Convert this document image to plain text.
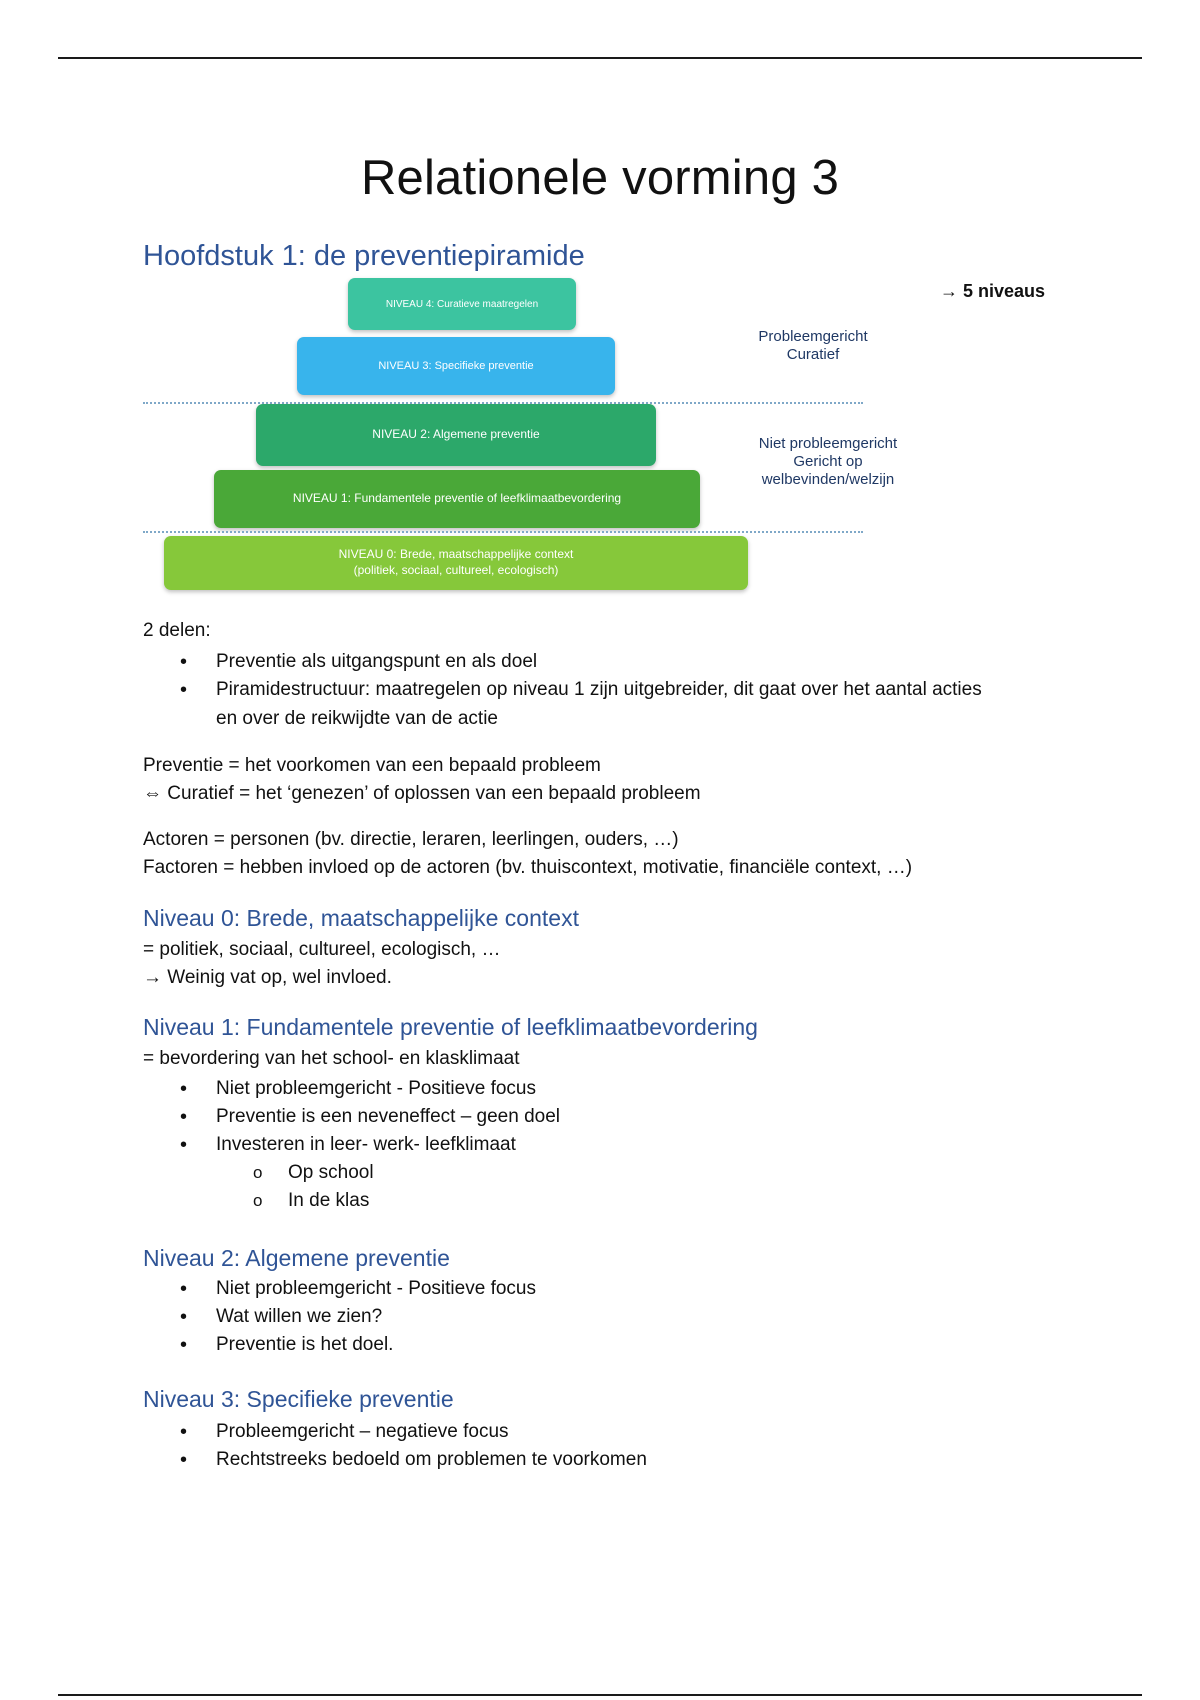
Relationele vorming 3
Hoofdstuk 1: de preventiepiramide
NIVEAU 4: Curatieve maatregelen
NIVEAU 3: Specifieke preventie
NIVEAU 2: Algemene preventie
NIVEAU 1: Fundamentele preventie of leefklimaatbevordering
NIVEAU 0: Brede, maatschappelijke context
(politiek, sociaal, cultureel, ecologisch)
Probleemgericht
Curatief
Niet probleemgericht
Gericht op
welbevinden/welzijn
→ 5 niveaus
2 delen:
• Preventie als uitgangspunt en als doel
• Piramidestructuur: maatregelen op niveau 1 zijn uitgebreider, dit gaat over het aantal acties
en over de reikwijdte van de actie
Preventie = het voorkomen van een bepaald probleem
⇔ Curatief = het ‘genezen’ of oplossen van een bepaald probleem
Actoren = personen (bv. directie, leraren, leerlingen, ouders, …)
Factoren = hebben invloed op de actoren (bv. thuiscontext, motivatie, financiële context, …)
Niveau 0: Brede, maatschappelijke context
= politiek, sociaal, cultureel, ecologisch, …
→ Weinig vat op, wel invloed.
Niveau 1: Fundamentele preventie of leefklimaatbevordering
= bevordering van het school- en klasklimaat
• Niet probleemgericht - Positieve focus
• Preventie is een neveneffect – geen doel
• Investeren in leer- werk- leefklimaat
o Op school
o In de klas
Niveau 2: Algemene preventie
• Niet probleemgericht - Positieve focus
• Wat willen we zien?
• Preventie is het doel.
Niveau 3: Specifieke preventie
• Probleemgericht – negatieve focus
• Rechtstreeks bedoeld om problemen te voorkomen
